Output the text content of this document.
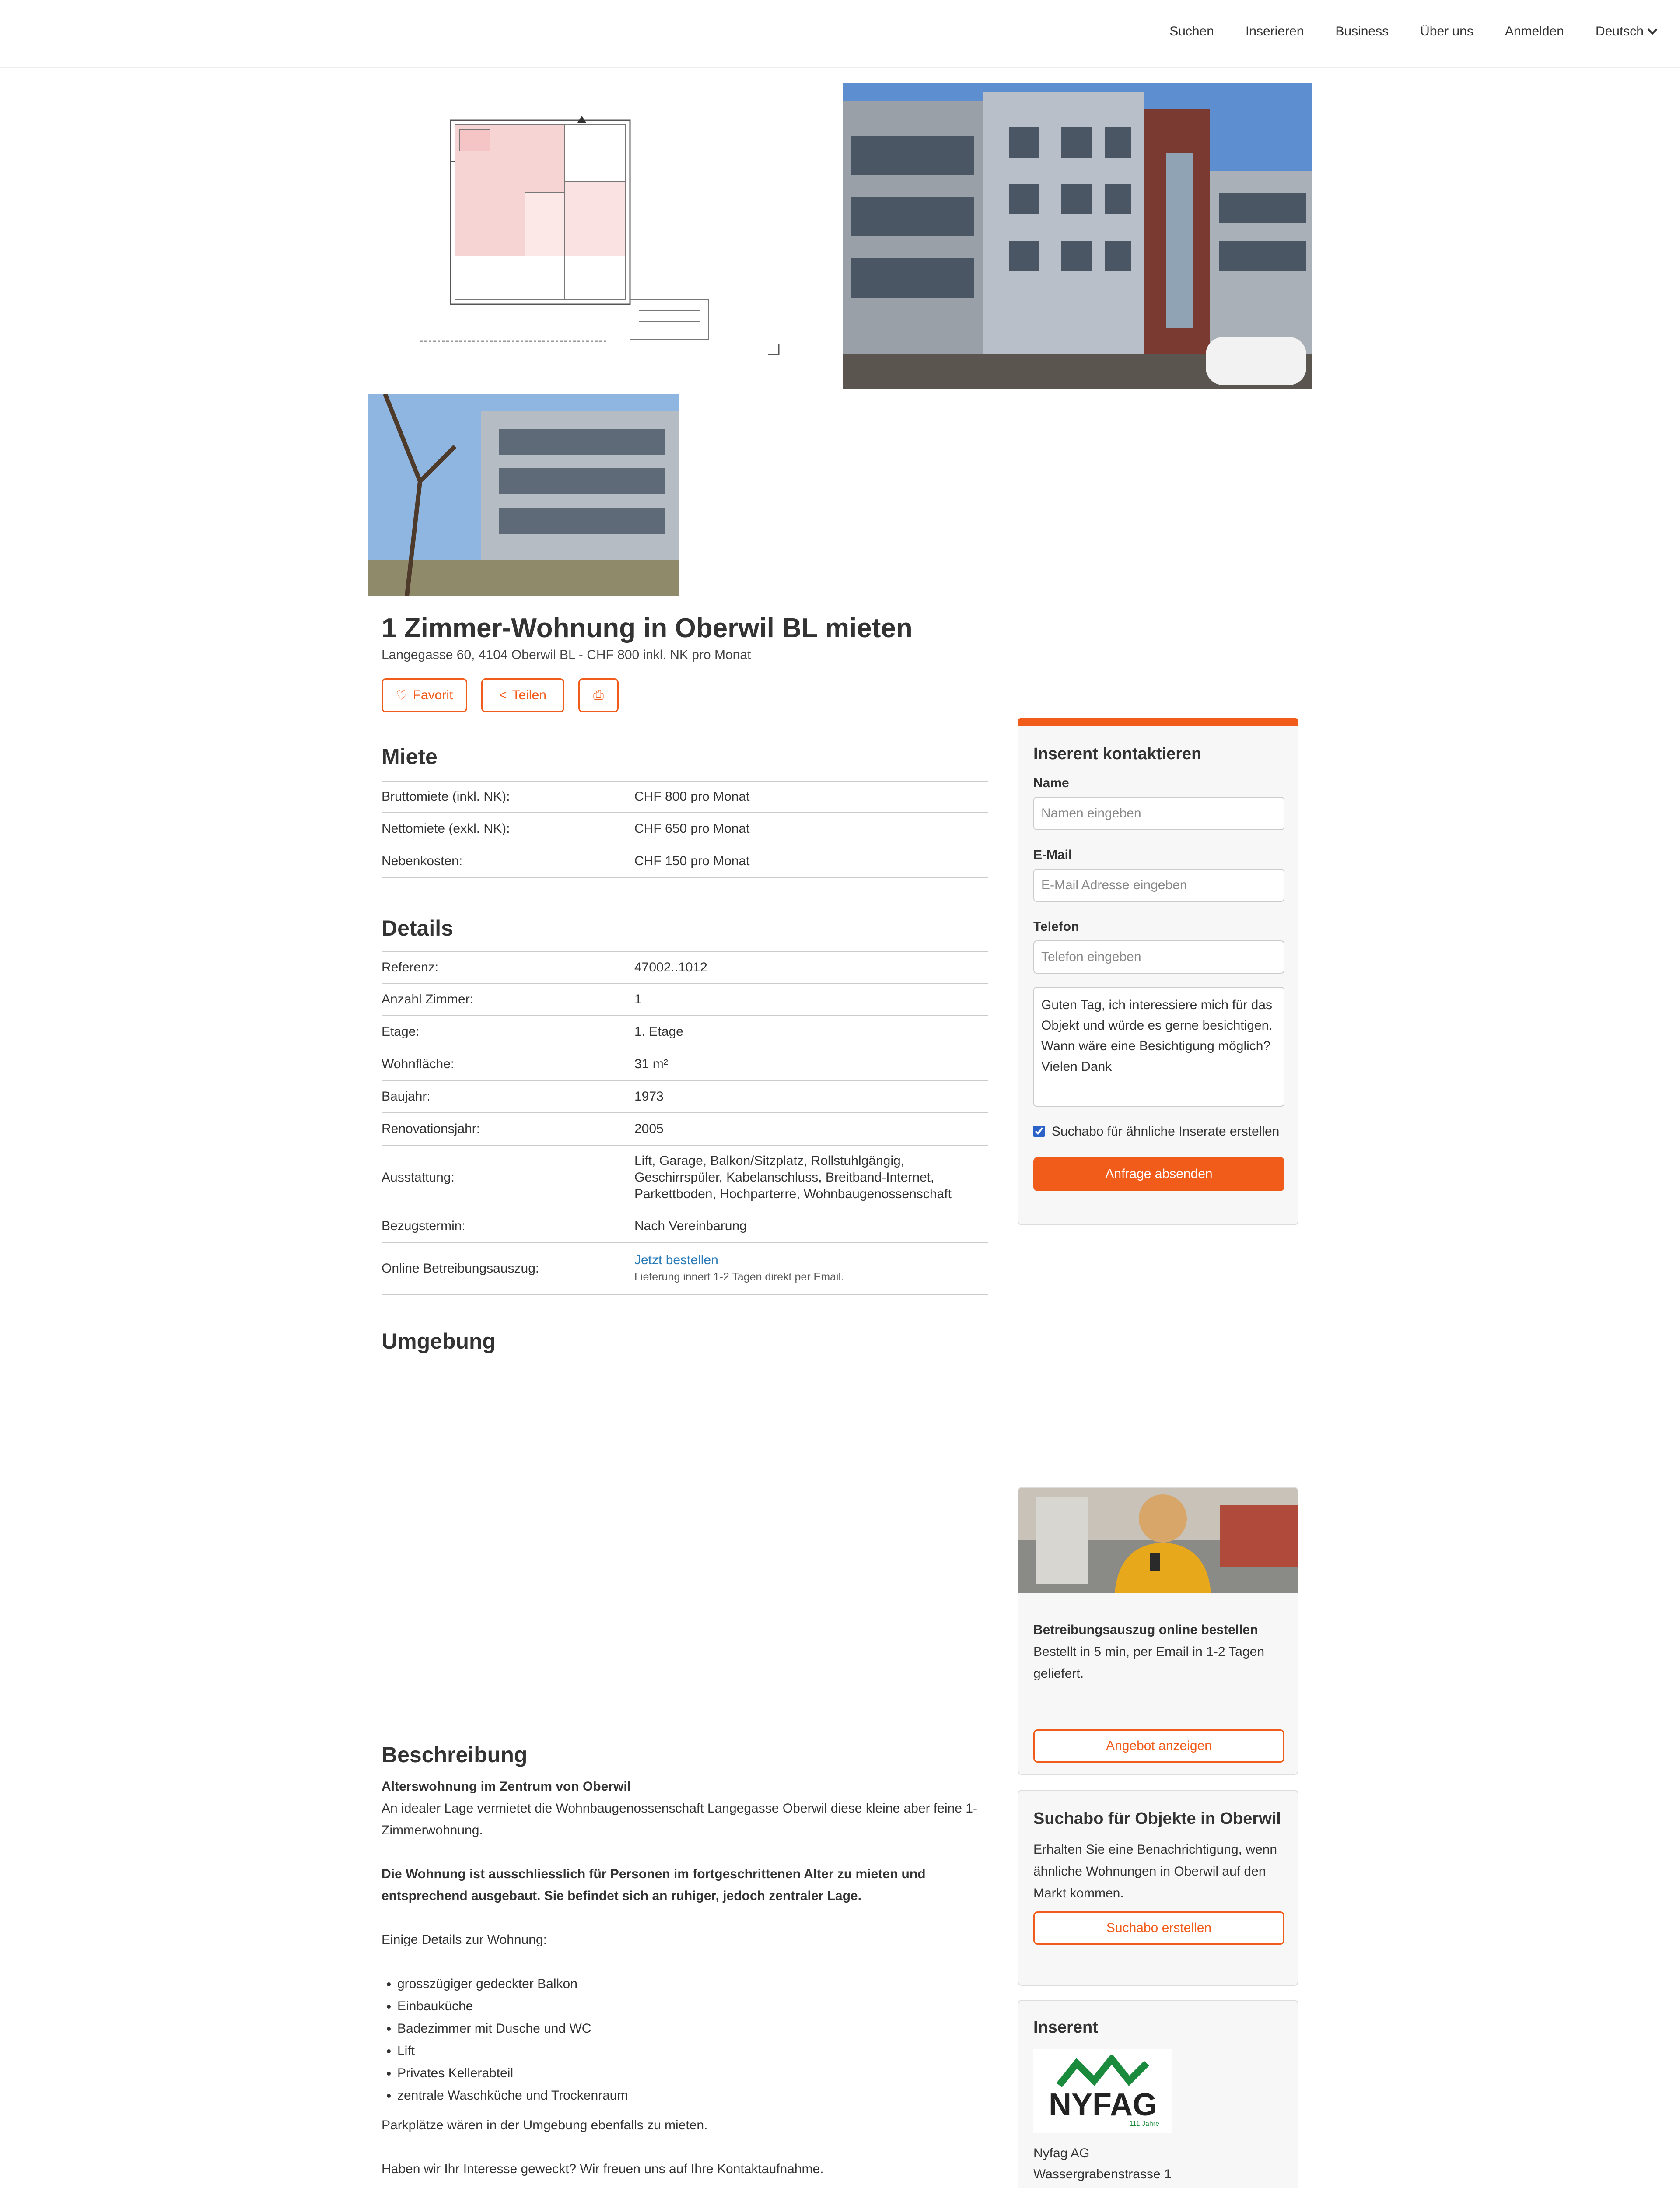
Suchen Inserieren Business Über uns Anmelden Deutsch
1 Zimmer-Wohnung in Oberwil BL mieten
Langegasse 60, 4104 Oberwil BL - CHF 800 inkl. NK pro Monat
♡ Favorit	< Teilen	⎙
Miete
Bruttomiete (inkl. NK):	CHF 800 pro Monat
Nettomiete (exkl. NK):	CHF 650 pro Monat
Nebenkosten:	CHF 150 pro Monat
Details
Referenz:	47002..1012
Anzahl Zimmer:	1
Etage:	1. Etage
Wohnfläche:	31 m²
Baujahr:	1973
Renovationsjahr:	2005
Ausstattung:
Lift, Garage, Balkon/Sitzplatz, Rollstuhlgängig, Geschirrspüler, Kabelanschluss, Breitband-Internet, Parkettboden, Hochparterre, Wohnbaugenossenschaft
Bezugstermin:	Nach Vereinbarung
Online Betreibungsauszug:
Jetzt bestellen
Lieferung innert 1-2 Tagen direkt per Email.
Umgebung
Inserent kontaktieren
Name
Namen eingeben
E-Mail
E-Mail Adresse eingeben
Telefon
Telefon eingeben Guten Tag, ich interessiere mich für das Objekt und würde es gerne besichtigen. Wann wäre eine Besichtigung möglich? Vielen Dank
Suchabo für ähnliche Inserate erstellen
Anfrage absenden
Betreibungsauszug online bestellen
Bestellt in 5 min, per Email in 1-2 Tagen geliefert.
Angebot anzeigen
Suchabo für Objekte in Oberwil

Erhalten Sie eine Benachrichtigung, wenn ähnliche Wohnungen in Oberwil auf den Markt kommen.

Suchabo erstellen
Inserent
NYFAG
111 Jahre
Nyfag AG
Wassergrabenstrasse 1
Beschreibung
Alterswohnung im Zentrum von Oberwil
An idealer Lage vermietet die Wohnbaugenossenschaft Langegasse Oberwil diese kleine aber feine 1-Zimmerwohnung.

Die Wohnung ist ausschliesslich für Personen im fortgeschrittenen Alter zu mieten und entsprechend ausgebaut. Sie befindet sich an ruhiger, jedoch zentraler Lage.

Einige Details zur Wohnung:

• grosszügiger gedeckter Balkon
• Einbauküche
• Badezimmer mit Dusche und WC
• Lift
• Privates Kellerabteil
• zentrale Waschküche und Trockenraum

Parkplätze wären in der Umgebung ebenfalls zu mieten.

Haben wir Ihr Interesse geweckt? Wir freuen uns auf Ihre Kontaktaufnahme.
